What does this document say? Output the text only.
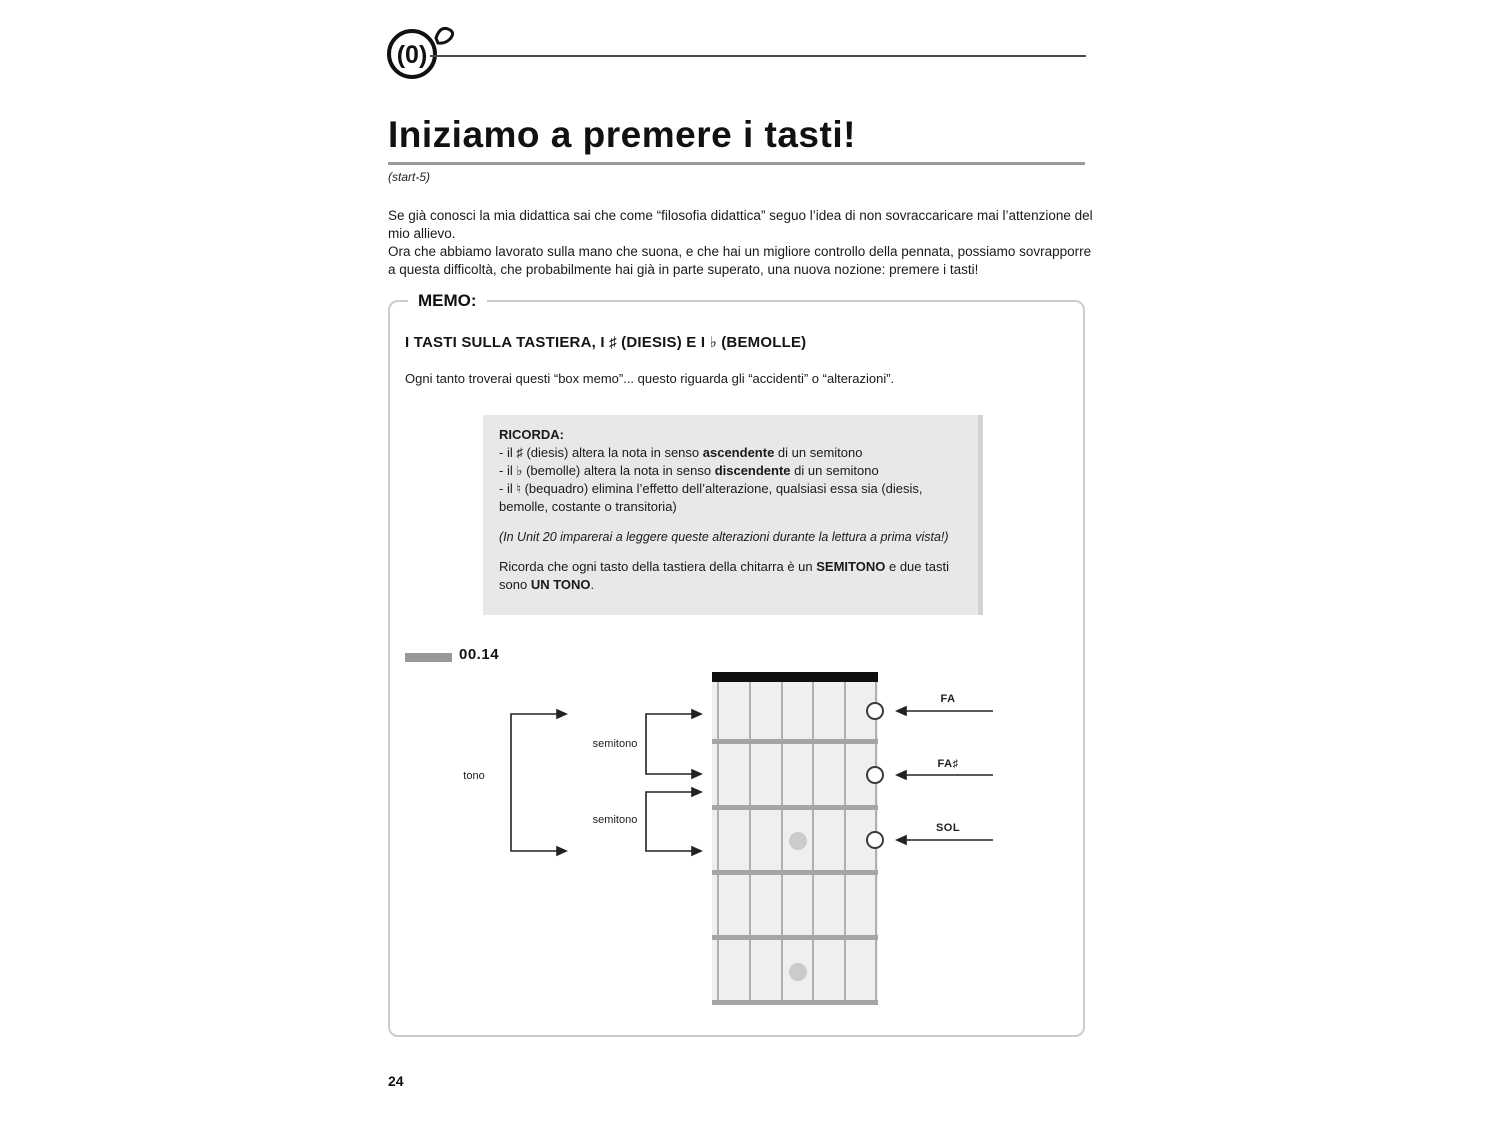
(0)
Iniziamo a premere i tasti!
(start-5)
Se già conosci la mia didattica sai che come “filosofia didattica” seguo l’idea di non sovraccaricare mai l’attenzione del mio allievo.
Ora che abbiamo lavorato sulla mano che suona, e che hai un migliore controllo della pennata, possiamo sovrapporre a questa difficoltà, che probabilmente hai già in parte superato, una nuova nozione: premere i tasti!
MEMO:
I TASTI SULLA TASTIERA, I ♯ (DIESIS) E I ♭ (BEMOLLE)
Ogni tanto troverai questi “box memo”... questo riguarda gli “accidenti” o “alterazioni”.
RICORDA:
- il ♯ (diesis) altera la nota in senso ascendente di un semitono
- il ♭ (bemolle) altera la nota in senso discendente di un semitono
- il ♮ (bequadro) elimina l’effetto dell’alterazione, qualsiasi essa sia (diesis, bemolle, costante o transitoria)
(In Unit 20 imparerai a leggere queste alterazioni durante la lettura a prima vista!)
Ricorda che ogni tasto della tastiera della chitarra è un SEMITONO e due tasti sono UN TONO.
00.14
tono
semitono
semitono
FA
FA♯
SOL
24
